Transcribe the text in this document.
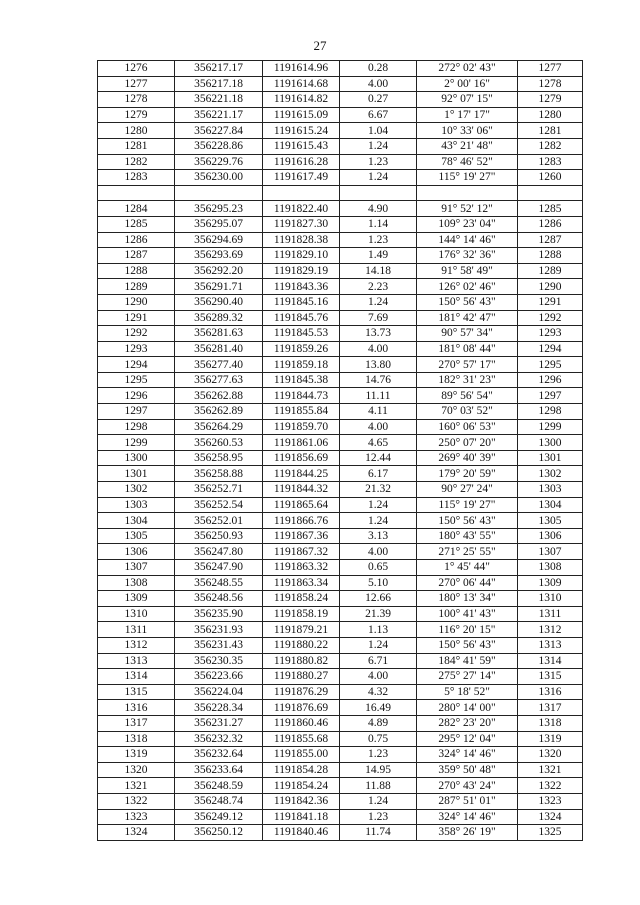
27
1276	356217.17	1191614.96	0.28	272° 02' 43"	1277
1277	356217.18	1191614.68	4.00	2° 00' 16"	1278
1278	356221.18	1191614.82	0.27	92° 07' 15"	1279
1279	356221.17	1191615.09	6.67	1° 17' 17"	1280
1280	356227.84	1191615.24	1.04	10° 33' 06"	1281
1281	356228.86	1191615.43	1.24	43° 21' 48"	1282
1282	356229.76	1191616.28	1.23	78° 46' 52"	1283
1283	356230.00	1191617.49	1.24	115° 19' 27"	1260

1284	356295.23	1191822.40	4.90	91° 52' 12"	1285
1285	356295.07	1191827.30	1.14	109° 23' 04"	1286
1286	356294.69	1191828.38	1.23	144° 14' 46"	1287
1287	356293.69	1191829.10	1.49	176° 32' 36"	1288
1288	356292.20	1191829.19	14.18	91° 58' 49"	1289
1289	356291.71	1191843.36	2.23	126° 02' 46"	1290
1290	356290.40	1191845.16	1.24	150° 56' 43"	1291
1291	356289.32	1191845.76	7.69	181° 42' 47"	1292
1292	356281.63	1191845.53	13.73	90° 57' 34"	1293
1293	356281.40	1191859.26	4.00	181° 08' 44"	1294
1294	356277.40	1191859.18	13.80	270° 57' 17"	1295
1295	356277.63	1191845.38	14.76	182° 31' 23"	1296
1296	356262.88	1191844.73	11.11	89° 56' 54"	1297
1297	356262.89	1191855.84	4.11	70° 03' 52"	1298
1298	356264.29	1191859.70	4.00	160° 06' 53"	1299
1299	356260.53	1191861.06	4.65	250° 07' 20"	1300
1300	356258.95	1191856.69	12.44	269° 40' 39"	1301
1301	356258.88	1191844.25	6.17	179° 20' 59"	1302
1302	356252.71	1191844.32	21.32	90° 27' 24"	1303
1303	356252.54	1191865.64	1.24	115° 19' 27"	1304
1304	356252.01	1191866.76	1.24	150° 56' 43"	1305
1305	356250.93	1191867.36	3.13	180° 43' 55"	1306
1306	356247.80	1191867.32	4.00	271° 25' 55"	1307
1307	356247.90	1191863.32	0.65	1° 45' 44"	1308
1308	356248.55	1191863.34	5.10	270° 06' 44"	1309
1309	356248.56	1191858.24	12.66	180° 13' 34"	1310
1310	356235.90	1191858.19	21.39	100° 41' 43"	1311
1311	356231.93	1191879.21	1.13	116° 20' 15"	1312
1312	356231.43	1191880.22	1.24	150° 56' 43"	1313
1313	356230.35	1191880.82	6.71	184° 41' 59"	1314
1314	356223.66	1191880.27	4.00	275° 27' 14"	1315
1315	356224.04	1191876.29	4.32	5° 18' 52"	1316
1316	356228.34	1191876.69	16.49	280° 14' 00"	1317
1317	356231.27	1191860.46	4.89	282° 23' 20"	1318
1318	356232.32	1191855.68	0.75	295° 12' 04"	1319
1319	356232.64	1191855.00	1.23	324° 14' 46"	1320
1320	356233.64	1191854.28	14.95	359° 50' 48"	1321
1321	356248.59	1191854.24	11.88	270° 43' 24"	1322
1322	356248.74	1191842.36	1.24	287° 51' 01"	1323
1323	356249.12	1191841.18	1.23	324° 14' 46"	1324
1324	356250.12	1191840.46	11.74	358° 26' 19"	1325
